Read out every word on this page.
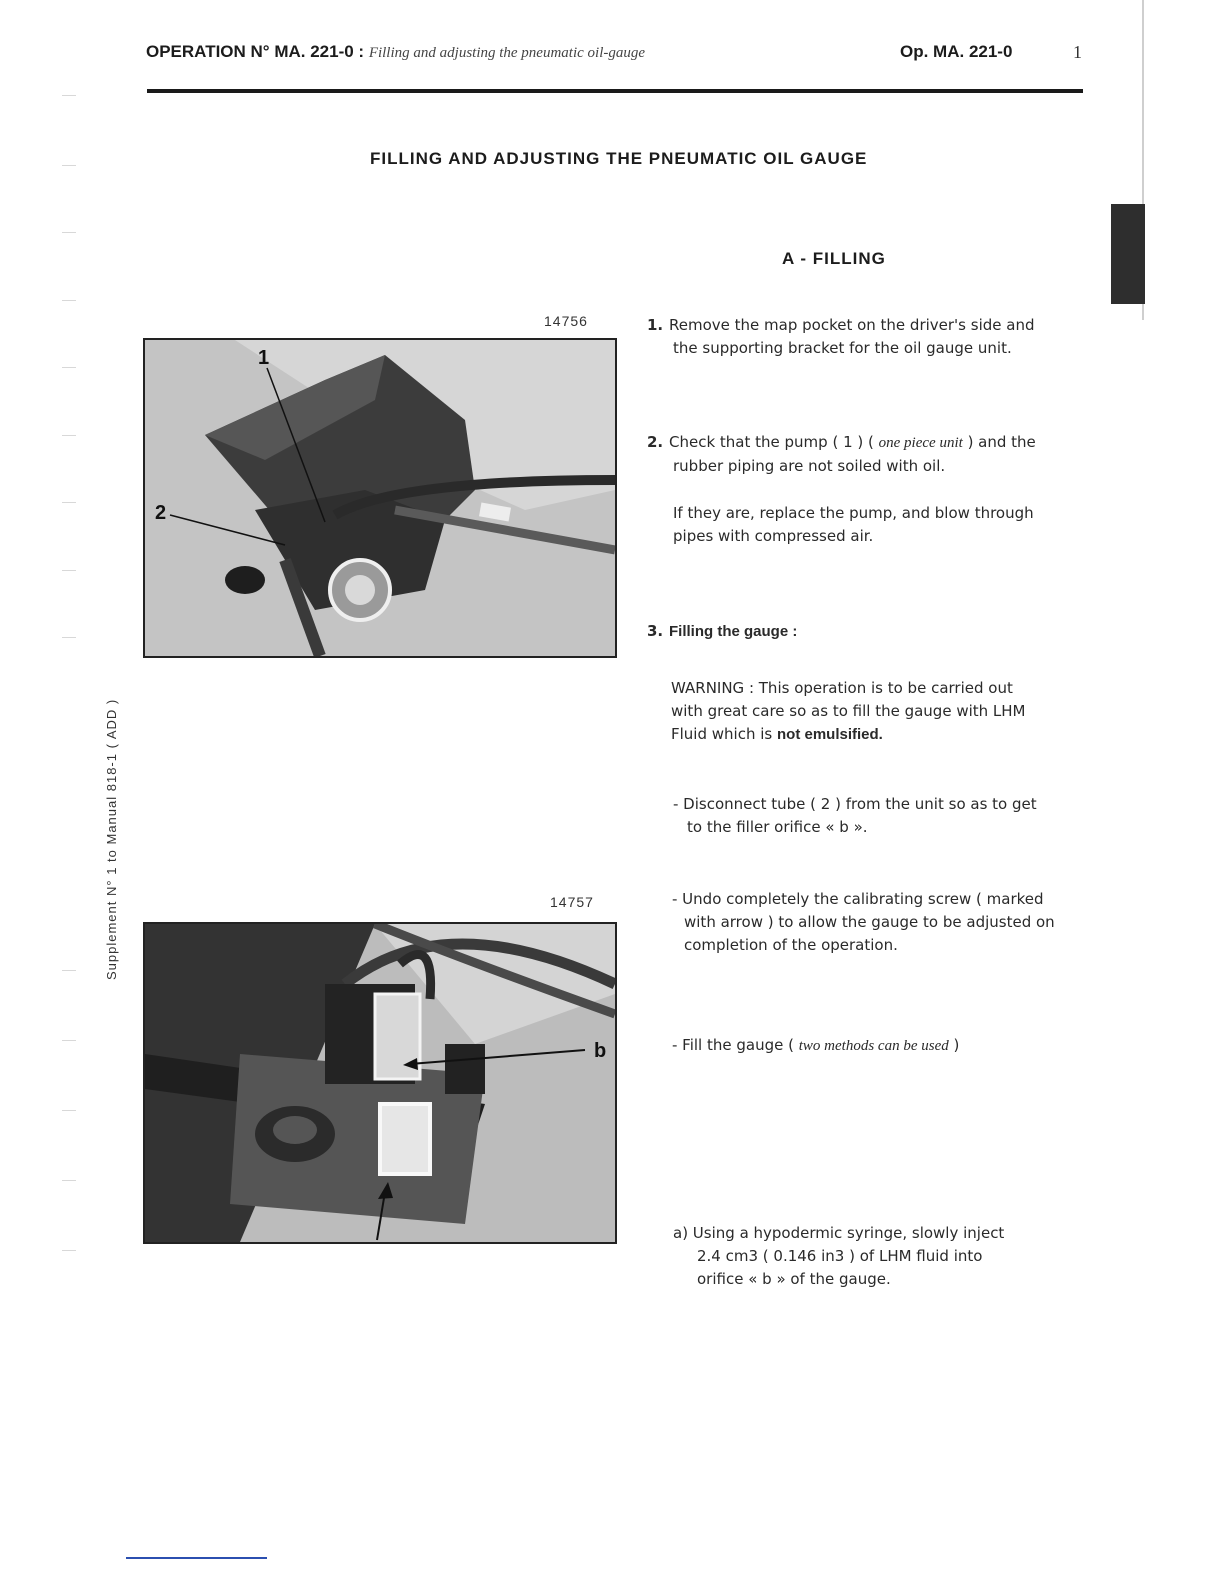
OPERATION N° MA. 221-0 : Filling and adjusting the pneumatic oil-gauge	Op. MA. 221-0	1
FILLING AND ADJUSTING THE PNEUMATIC OIL GAUGE
A - FILLING
Supplement N° 1 to Manual 818-1 ( ADD )
14756
1
2
14757
b
1. Remove the map pocket on the driver's side and
the supporting bracket for the oil gauge unit.
2. Check that the pump ( 1 ) ( one piece unit ) and the
rubber piping are not soiled with oil.
If they are, replace the pump, and blow through
pipes with compressed air.
3. Filling the gauge :
WARNING : This operation is to be carried out
with great care so as to fill the gauge with LHM
Fluid which is not emulsified.
- Disconnect tube ( 2 ) from the unit so as to get
to the filler orifice « b ».
- Undo completely the calibrating screw ( marked
with arrow ) to allow the gauge to be adjusted on
completion of the operation.
- Fill the gauge ( two methods can be used )
a) Using a hypodermic syringe, slowly inject
2.4 cm3 ( 0.146 in3 ) of LHM fluid into
orifice « b » of the gauge.
